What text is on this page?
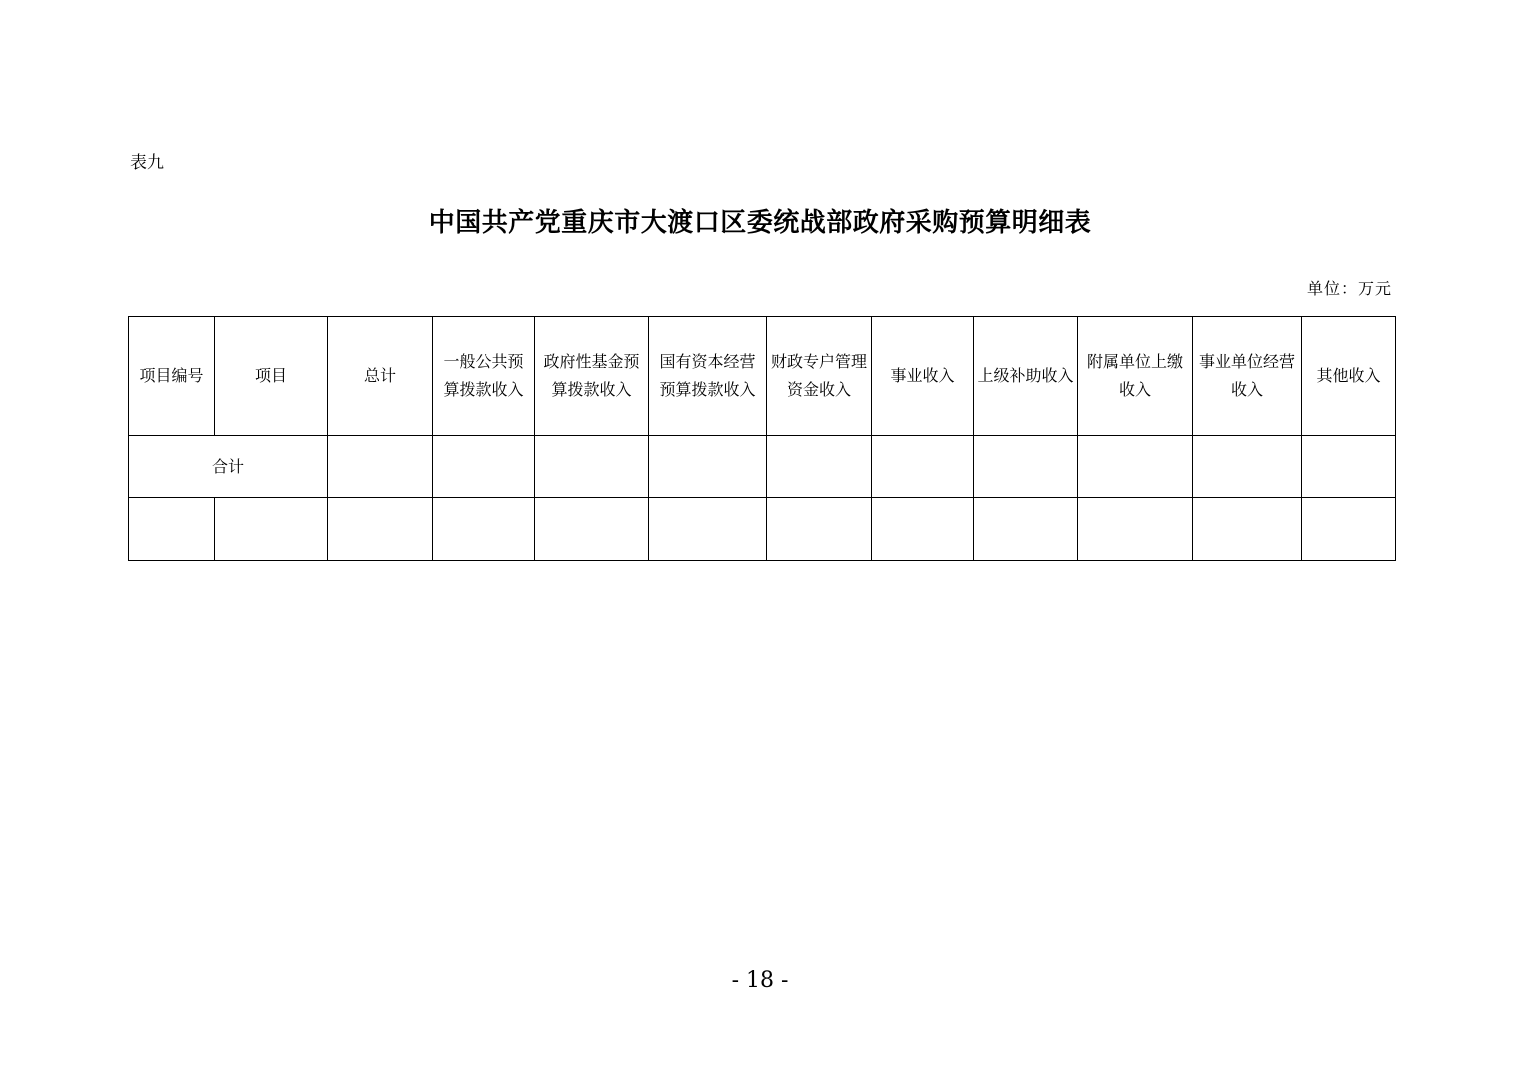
表九
中国共产党重庆市大渡口区委统战部政府采购预算明细表
单位：万元
项目编号	项目	总计	一般公共预算拨款收入	政府性基金预算拨款收入	国有资本经营预算拨款收入	财政专户管理资金收入	事业收入	上级补助收入	附属单位上缴收入	事业单位经营收入	其他收入
合计											

- 18 -
